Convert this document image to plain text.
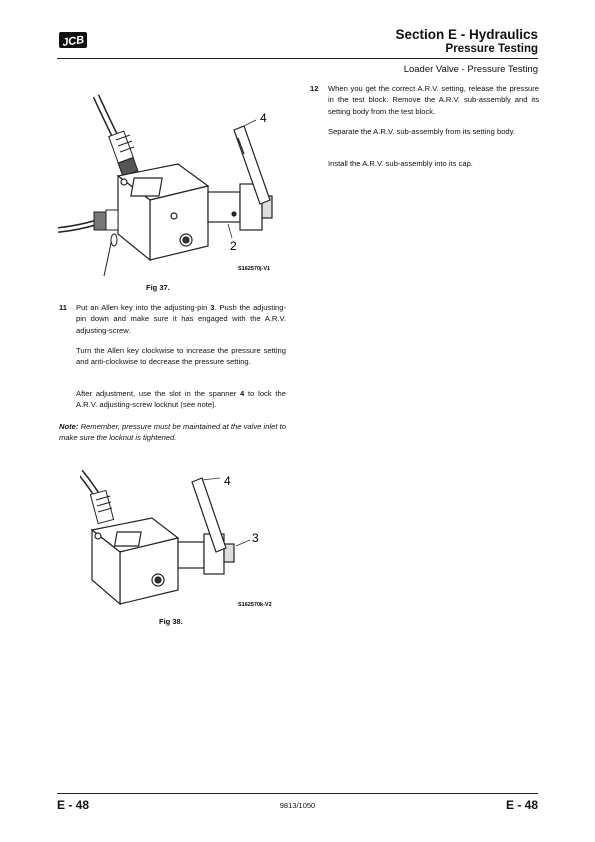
JCB	Section E - Hydraulics
Pressure Testing
Loader Valve - Pressure Testing
4
2
S162570j-V1
Fig 37.
11 Put an Allen key into the adjusting-pin 3. Push the adjusting-pin down and make sure it has engaged with the A.R.V. adjusting-screw.
Turn the Allen key clockwise to increase the pressure setting and anti-clockwise to decrease the pressure setting.
After adjustment, use the slot in the spanner 4 to lock the A.R.V. adjusting-screw locknut (see note).
Note: Remember, pressure must be maintained at the valve inlet to make sure the locknut is tightened.
4
3
S162570k-V2
Fig 38.
12 When you get the correct A.R.V. setting, release the pressure in the test block. Remove the A.R.V. sub-assembly and its setting body from the test block.
Separate the A.R.V. sub-assembly from its setting body.
Install the A.R.V. sub-assembly into its cap.
E - 48	9813/1050	E - 48
